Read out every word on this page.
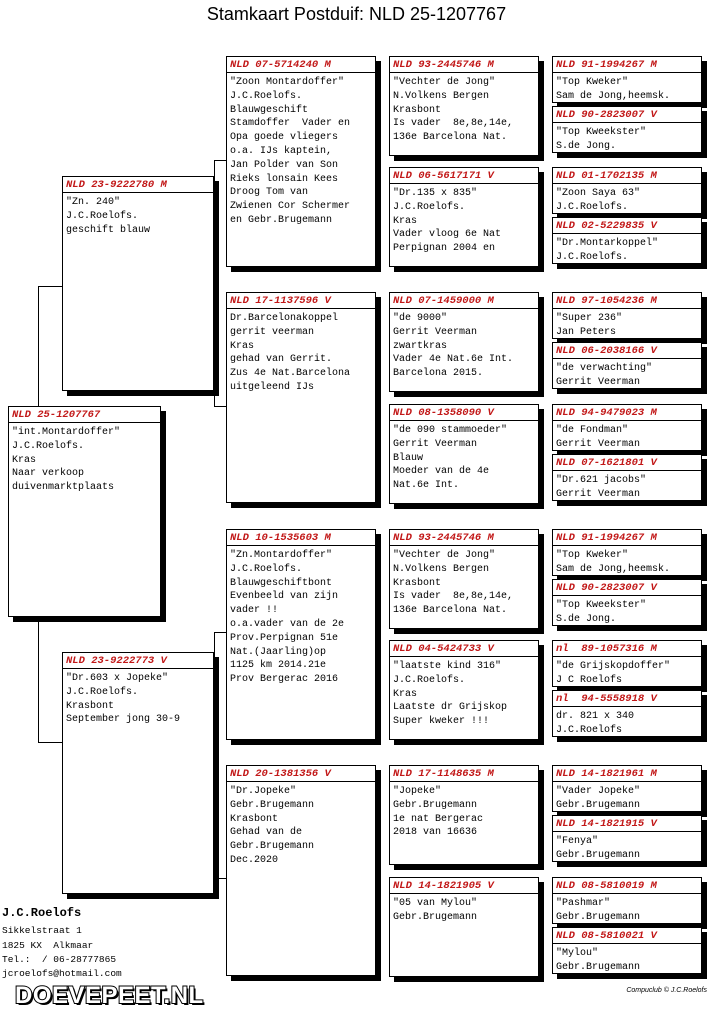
Stamkaart Postduif: NLD 25-1207767
NLD 25-1207767
"int.Montardoffer"
J.C.Roelofs.
Kras
Naar verkoop
duivenmarktplaats
NLD 23-9222780 M
"Zn. 240"
J.C.Roelofs.
geschift blauw
NLD 23-9222773 V
"Dr.603 x Jopeke"
J.C.Roelofs.
Krasbont
September jong 30-9
NLD 07-5714240 M
"Zoon Montardoffer"
J.C.Roelofs.
Blauwgeschift
Stamdoffer  Vader en
Opa goede vliegers
o.a. IJs kaptein,
Jan Polder van Son
Rieks lonsain Kees
Droog Tom van
Zwienen Cor Schermer
en Gebr.Brugemann
NLD 17-1137596 V
Dr.Barcelonakoppel
gerrit veerman
Kras
gehad van Gerrit.
Zus 4e Nat.Barcelona
uitgeleend IJs
NLD 10-1535603 M
"Zn.Montardoffer"
J.C.Roelofs.
Blauwgeschiftbont
Evenbeeld van zijn
vader !!
o.a.vader van de 2e
Prov.Perpignan 51e
Nat.(Jaarling)op
1125 km 2014.21e
Prov Bergerac 2016
NLD 20-1381356 V
"Dr.Jopeke"
Gebr.Brugemann
Krasbont
Gehad van de
Gebr.Brugemann
Dec.2020
NLD 93-2445746 M
"Vechter de Jong"
N.Volkens Bergen
Krasbont
Is vader  8e,8e,14e,
136e Barcelona Nat.
NLD 06-5617171 V
"Dr.135 x 835"
J.C.Roelofs.
Kras
Vader vloog 6e Nat
Perpignan 2004 en
NLD 07-1459000 M
"de 9000"
Gerrit Veerman
zwartkras
Vader 4e Nat.6e Int.
Barcelona 2015.
NLD 08-1358090 V
"de 090 stammoeder"
Gerrit Veerman
Blauw
Moeder van de 4e
Nat.6e Int.
NLD 93-2445746 M
"Vechter de Jong"
N.Volkens Bergen
Krasbont
Is vader  8e,8e,14e,
136e Barcelona Nat.
NLD 04-5424733 V
"laatste kind 316"
J.C.Roelofs.
Kras
Laatste dr Grijskop
Super kweker !!!
NLD 17-1148635 M
"Jopeke"
Gebr.Brugemann
1e nat Bergerac
2018 van 16636
NLD 14-1821905 V
"05 van Mylou"
Gebr.Brugemann
NLD 91-1994267 M
"Top Kweker"
Sam de Jong,heemsk.
NLD 90-2823007 V
"Top Kweekster"
S.de Jong.
NLD 01-1702135 M
"Zoon Saya 63"
J.C.Roelofs.
NLD 02-5229835 V
"Dr.Montarkoppel"
J.C.Roelofs.
NLD 97-1054236 M
"Super 236"
Jan Peters
NLD 06-2038166 V
"de verwachting"
Gerrit Veerman
NLD 94-9479023 M
"de Fondman"
Gerrit Veerman
NLD 07-1621801 V
"Dr.621 jacobs"
Gerrit Veerman
NLD 91-1994267 M
"Top Kweker"
Sam de Jong,heemsk.
NLD 90-2823007 V
"Top Kweekster"
S.de Jong.
nl  89-1057316 M
"de Grijskopdoffer"
J C Roelofs
nl  94-5558918 V
dr. 821 x 340
J.C.Roelofs
NLD 14-1821961 M
"Vader Jopeke"
Gebr.Brugemann
NLD 14-1821915 V
"Fenya"
Gebr.Brugemann
NLD 08-5810019 M
"Pashmar"
Gebr.Brugemann
NLD 08-5810021 V
"Mylou"
Gebr.Brugemann
J.C.Roelofs
Sikkelstraat 1
1825 KX  Alkmaar
Tel.:  / 06-28777865
jcroelofs@hotmail.com
DOEVEPEET.NL	Compuclub © J.C.Roelofs
